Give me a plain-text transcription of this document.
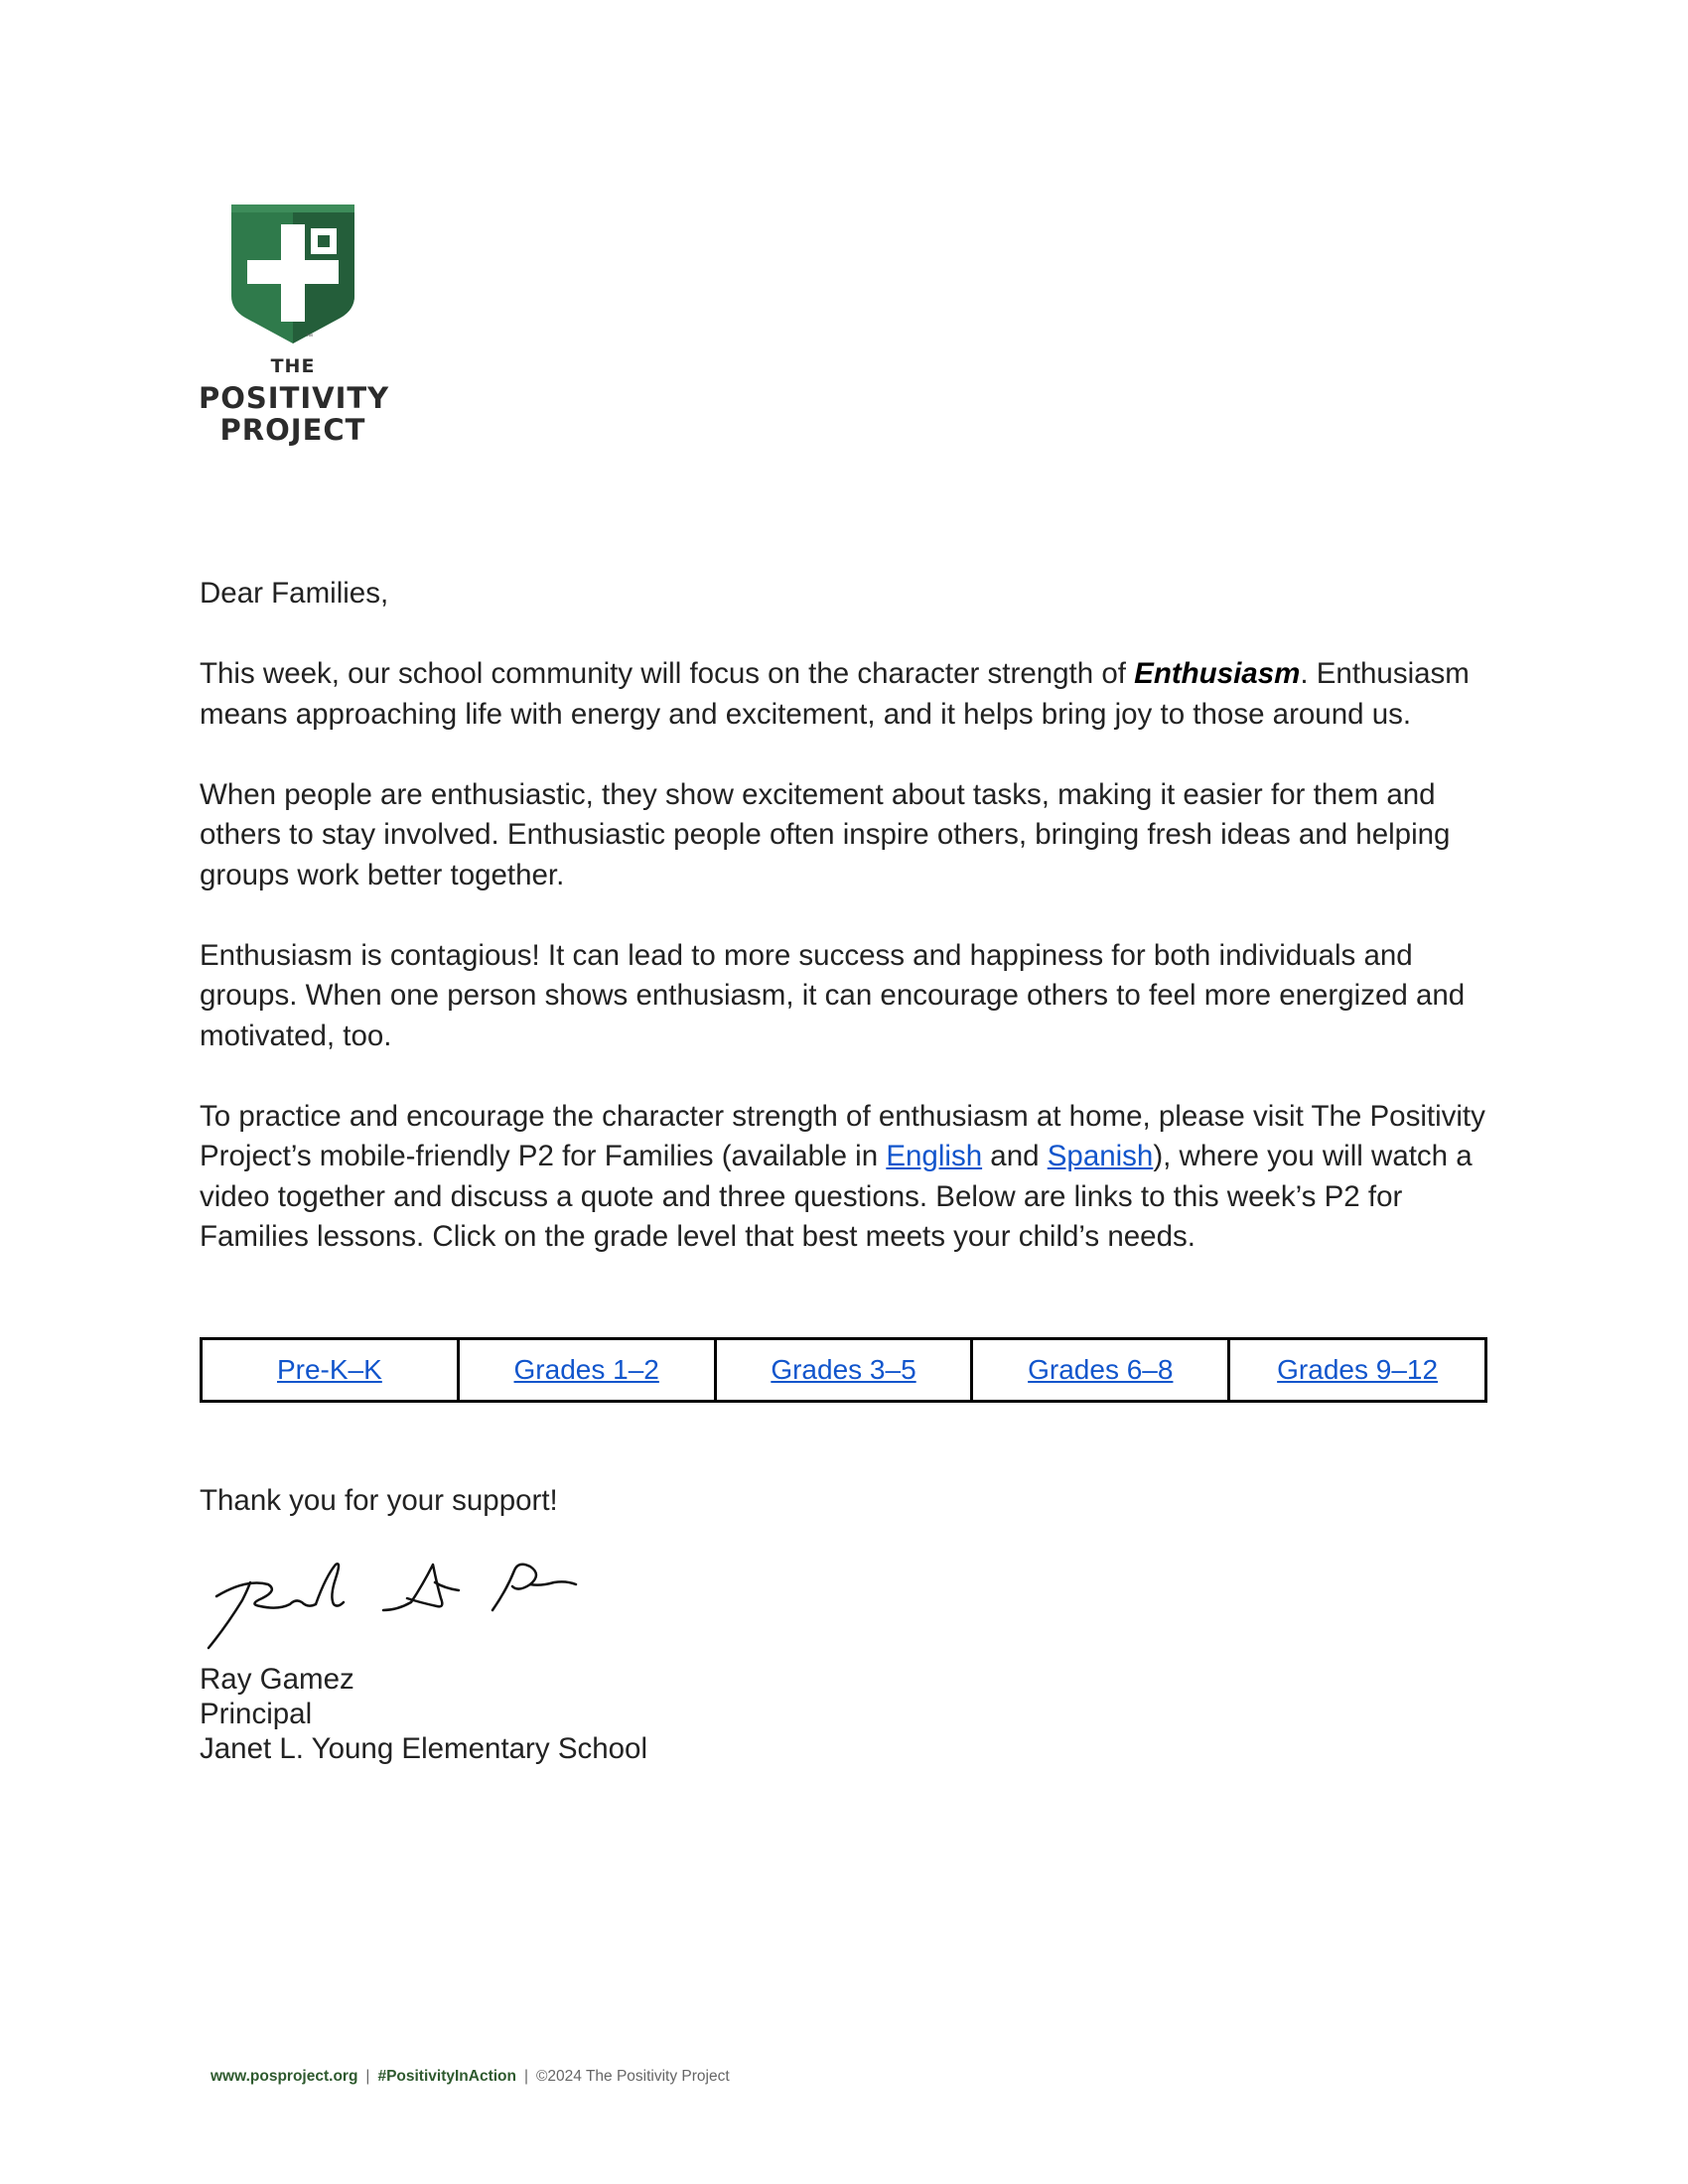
™
THE
POSITIVITY
PROJECT

Dear Families,

This week, our school community will focus on the character strength of Enthusiasm. Enthusiasm means approaching life with energy and excitement, and it helps bring joy to those around us.

When people are enthusiastic, they show excitement about tasks, making it easier for them and others to stay involved. Enthusiastic people often inspire others, bringing fresh ideas and helping groups work better together.

Enthusiasm is contagious! It can lead to more success and happiness for both individuals and groups. When one person shows enthusiasm, it can encourage others to feel more energized and motivated, too.

To practice and encourage the character strength of enthusiasm at home, please visit The Positivity Project’s mobile-friendly P2 for Families (available in English and Spanish), where you will watch a video together and discuss a quote and three questions. Below are links to this week’s P2 for Families lessons. Click on the grade level that best meets your child’s needs.

Pre-K–K	Grades 1–2	Grades 3–5	Grades 6–8	Grades 9–12
Thank you for your support!
Ray Gamez
Principal
Janet L. Young Elementary School
www.posproject.org | #PositivityInAction | ©2024 The Positivity Project
